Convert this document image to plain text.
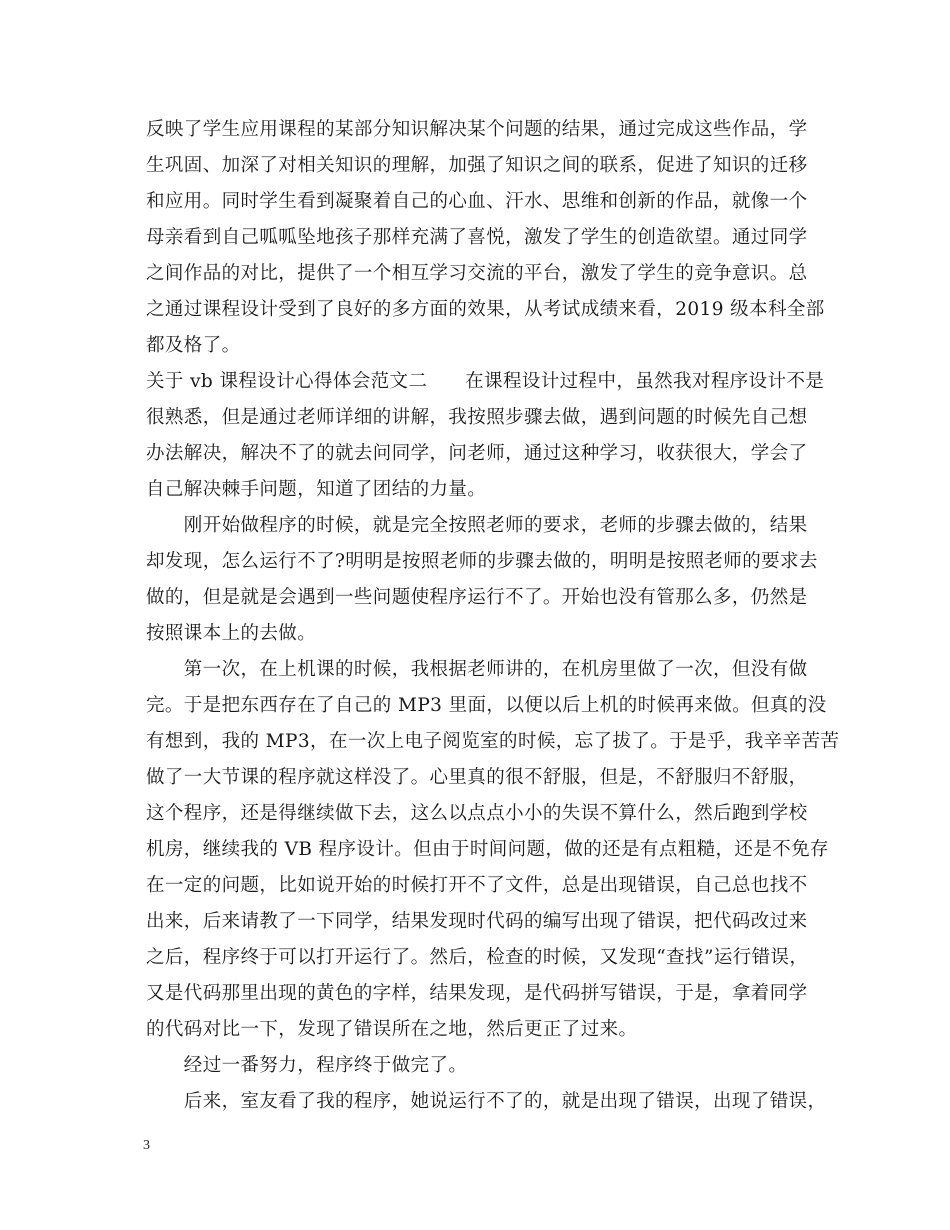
反映了学生应用课程的某部分知识解决某个问题的结果，通过完成这些作品，学
生巩固、加深了对相关知识的理解，加强了知识之间的联系，促进了知识的迁移
和应用。同时学生看到凝聚着自己的心血、汗水、思维和创新的作品，就像一个
母亲看到自己呱呱坠地孩子那样充满了喜悦，激发了学生的创造欲望。通过同学
之间作品的对比，提供了一个相互学习交流的平台，激发了学生的竞争意识。总
之通过课程设计受到了良好的多方面的效果，从考试成绩来看，2019 级本科全部
都及格了。
关于 vb 课程设计心得体会范文二　　在课程设计过程中，虽然我对程序设计不是
很熟悉，但是通过老师详细的讲解，我按照步骤去做，遇到问题的时候先自己想
办法解决，解决不了的就去问同学，问老师，通过这种学习，收获很大，学会了
自己解决棘手问题，知道了团结的力量。
　　刚开始做程序的时候，就是完全按照老师的要求，老师的步骤去做的，结果
却发现，怎么运行不了?明明是按照老师的步骤去做的，明明是按照老师的要求去
做的，但是就是会遇到一些问题使程序运行不了。开始也没有管那么多，仍然是
按照课本上的去做。
　　第一次，在上机课的时候，我根据老师讲的，在机房里做了一次，但没有做
完。于是把东西存在了自己的 MP3 里面，以便以后上机的时候再来做。但真的没
有想到，我的 MP3，在一次上电子阅览室的时候，忘了拔了。于是乎，我辛辛苦苦
做了一大节课的程序就这样没了。心里真的很不舒服，但是，不舒服归不舒服，
这个程序，还是得继续做下去，这么以点点小小的失误不算什么，然后跑到学校
机房，继续我的 VB 程序设计。但由于时间问题，做的还是有点粗糙，还是不免存
在一定的问题，比如说开始的时候打开不了文件，总是出现错误，自己总也找不
出来，后来请教了一下同学，结果发现时代码的编写出现了错误，把代码改过来
之后，程序终于可以打开运行了。然后，检查的时候，又发现“查找”运行错误，
又是代码那里出现的黄色的字样，结果发现，是代码拼写错误，于是，拿着同学
的代码对比一下，发现了错误所在之地，然后更正了过来。
　　经过一番努力，程序终于做完了。
　　后来，室友看了我的程序，她说运行不了的，就是出现了错误，出现了错误，
3
